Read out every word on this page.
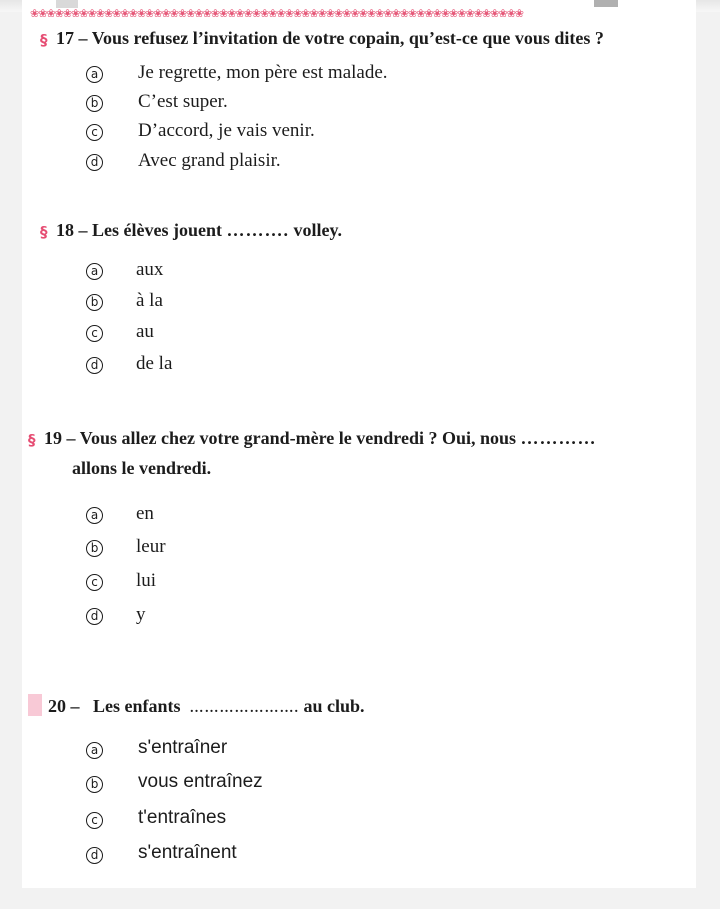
❀❀❀❀❀❀❀❀❀❀❀❀❀❀❀❀❀❀❀❀❀❀❀❀❀❀❀❀❀❀❀❀❀❀❀❀❀❀❀❀❀❀❀❀❀❀❀❀❀❀❀❀❀❀❀❀❀❀❀❀
§ 17 – Vous refusez l’invitation de votre copain, qu’est-ce que vous dites ?
a Je regrette, mon père est malade.
b C’est super.
c D’accord, je vais venir.
d Avec grand plaisir.
§ 18 – Les élèves jouent ………. volley.
a aux
b à la
c au
d de la
§ 19 – Vous allez chez votre grand-mère le vendredi ? Oui, nous …………
allons le vendredi.
a en
b leur
c lui
d y
20 – Les enfants …………………. au club.
a s'entraîner
b vous entraînez
c t'entraînes
d s'entraînent
